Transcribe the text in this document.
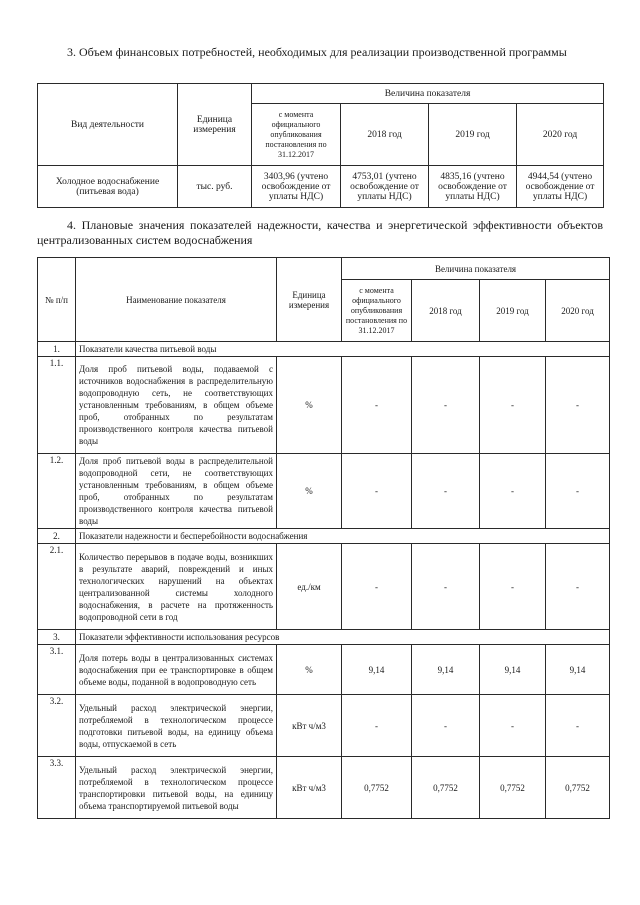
3. Объем финансовых потребностей, необходимых для реализации производственной программы
Вид деятельности	Единица измерения	Величина показателя			
		с момента официального опубликования постановления по 31.12.2017	2018 год	2019 год	2020 год
Холодное водоснабжение (питьевая вода)	тыс. руб.	3403,96 (учтено освобождение от уплаты НДС)	4753,01 (учтено освобождение от уплаты НДС)	4835,16 (учтено освобождение от уплаты НДС)	4944,54 (учтено освобождение от уплаты НДС)
4. Плановые значения показателей надежности, качества и энергетической эффективности объектов централизованных систем водоснабжения
№ п/п	Наименование показателя	Единица измерения	Величина показателя			
			с момента официального опубликования постановления по 31.12.2017	2018 год	2019 год	2020 год
1.	Показатели качества питьевой воды					
1.1.	Доля проб питьевой воды, подаваемой с источников водоснабжения в распределительную водопроводную сеть, не соответствующих установленным требованиям, в общем объеме проб, отобранных по результатам производственного контроля качества питьевой воды	%	-	-	-	-
1.2.	Доля проб питьевой воды в распределительной водопроводной сети, не соответствующих установленным требованиям, в общем объеме проб, отобранных по результатам производственного контроля качества питьевой воды	%	-	-	-	-
2.	Показатели надежности и бесперебойности водоснабжения					
2.1.	Количество перерывов в подаче воды, возникших в результате аварий, повреждений и иных технологических нарушений на объектах централизованной системы холодного водоснабжения, в расчете на протяженность водопроводной сети в год	ед./км	-	-	-	-
3.	Показатели эффективности использования ресурсов					
3.1.	Доля потерь воды в централизованных системах водоснабжения при ее транспортировке в общем объеме воды, поданной в водопроводную сеть	%	9,14	9,14	9,14	9,14
3.2.	Удельный расход электрической энергии, потребляемой в технологическом процессе подготовки питьевой воды, на единицу объема воды, отпускаемой в сеть	кВт ч/м3	-	-	-	-
3.3.	Удельный расход электрической энергии, потребляемой в технологическом процессе транспортировки питьевой воды, на единицу объема транспортируемой питьевой воды	кВт ч/м3	0,7752	0,7752	0,7752	0,7752
